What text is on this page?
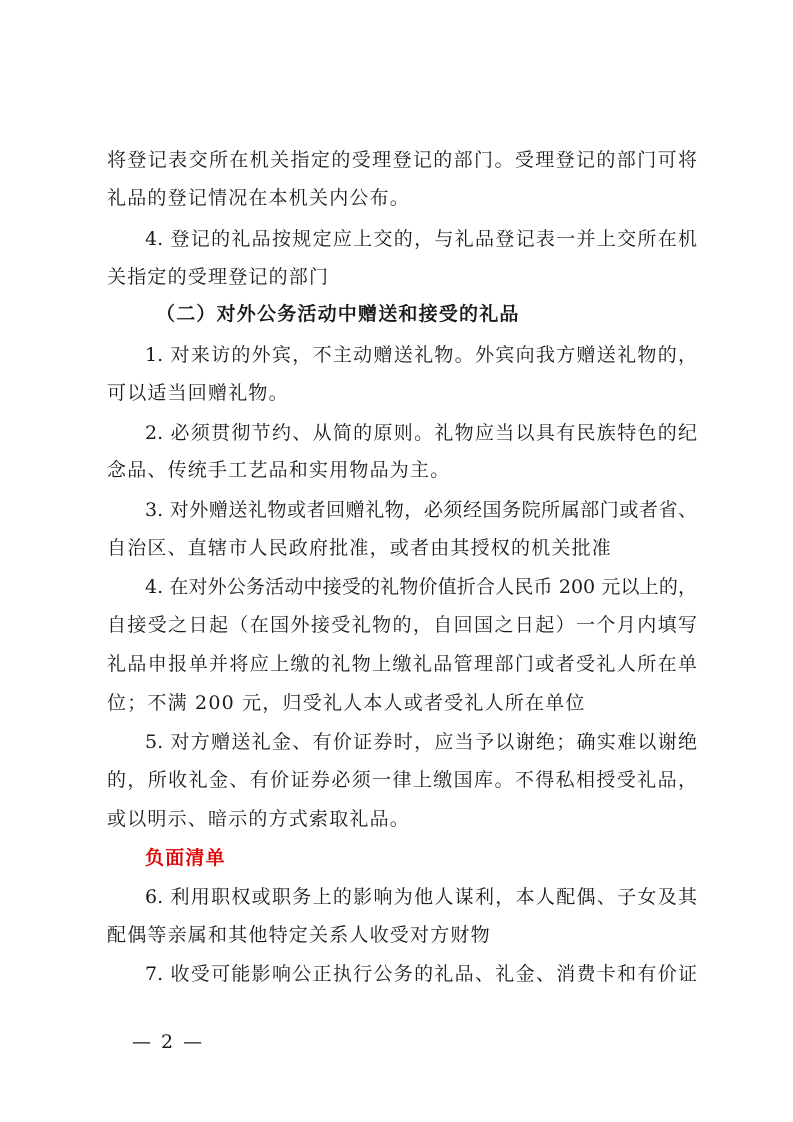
将登记表交所在机关指定的受理登记的部门。受理登记的部门可将
礼品的登记情况在本机关内公布。
4. 登记的礼品按规定应上交的，与礼品登记表一并上交所在机
关指定的受理登记的部门
（二）对外公务活动中赠送和接受的礼品
1. 对来访的外宾，不主动赠送礼物。外宾向我方赠送礼物的，
可以适当回赠礼物。
2. 必须贯彻节约、从简的原则。礼物应当以具有民族特色的纪
念品、传统手工艺品和实用物品为主。
3. 对外赠送礼物或者回赠礼物，必须经国务院所属部门或者省、
自治区、直辖市人民政府批准，或者由其授权的机关批准
4. 在对外公务活动中接受的礼物价值折合人民币 200 元以上的，
自接受之日起（在国外接受礼物的，自回国之日起）一个月内填写
礼品申报单并将应上缴的礼物上缴礼品管理部门或者受礼人所在单
位；不满 200 元，归受礼人本人或者受礼人所在单位
5. 对方赠送礼金、有价证券时，应当予以谢绝；确实难以谢绝
的，所收礼金、有价证券必须一律上缴国库。不得私相授受礼品，
或以明示、暗示的方式索取礼品。
负面清单
6. 利用职权或职务上的影响为他人谋利，本人配偶、子女及其
配偶等亲属和其他特定关系人收受对方财物
7. 收受可能影响公正执行公务的礼品、礼金、消费卡和有价证
— 2 —
